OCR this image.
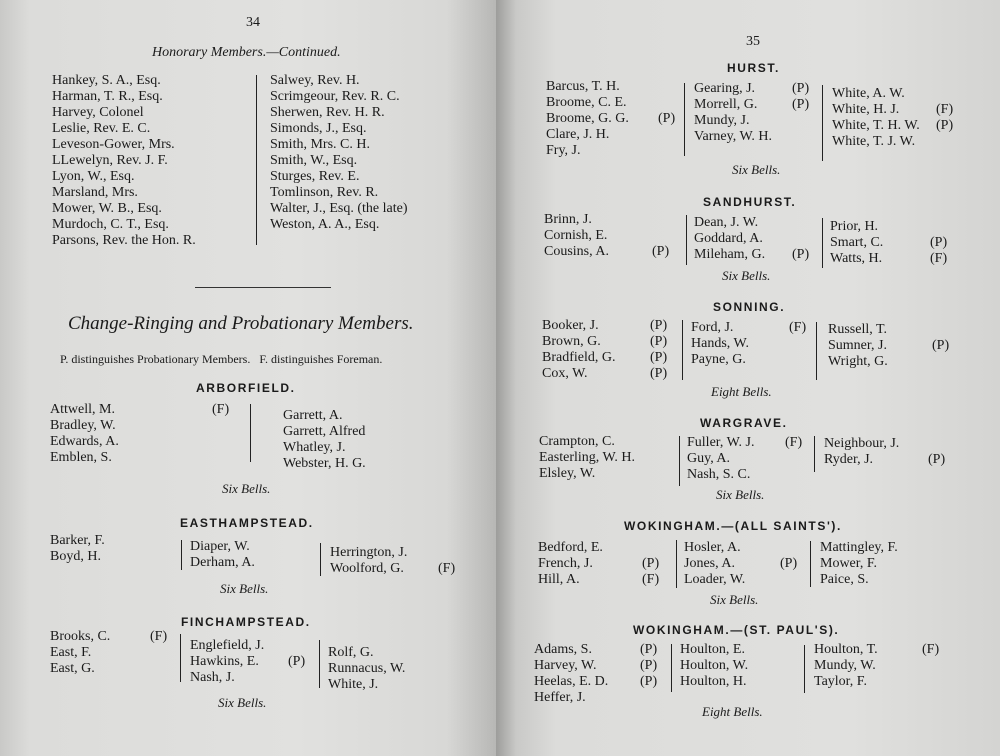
34
Honorary Members.—Continued.
Hankey, S. A., Esq.
Harman, T. R., Esq.
Harvey, Colonel
Leslie, Rev. E. C.
Leveson-Gower, Mrs.
LLewelyn, Rev. J. F.
Lyon, W., Esq.
Marsland, Mrs.
Mower, W. B., Esq.
Murdoch, C. T., Esq.
Parsons, Rev. the Hon. R.
Salwey, Rev. H.
Scrimgeour, Rev. R. C.
Sherwen, Rev. H. R.
Simonds, J., Esq.
Smith, Mrs. C. H.
Smith, W., Esq.
Sturges, Rev. E.
Tomlinson, Rev. R.
Walter, J., Esq. (the late)
Weston, A. A., Esq.
Change-Ringing and Probationary Members.
P. distinguishes Probationary Members.   F. distinguishes Foreman.
ARBORFIELD.
Attwell, M.	(F)
Bradley, W.
Edwards, A.
Emblen, S.
Garrett, A.
Garrett, Alfred
Whatley, J.
Webster, H. G.
Six Bells.
EASTHAMPSTEAD.
Barker, F.
Boyd, H.
Diaper, W.
Derham, A.
Herrington, J.
Woolford, G. (F)
Six Bells.
FINCHAMPSTEAD.
Brooks, C.	(F)
East, F.
East, G.
Englefield, J.
Hawkins, E. (P)
Nash, J.
Rolf, G.
Runnacus, W.
White, J.
Six Bells.
35
HURST.
Barcus, T. H.
Broome, C. E.
Broome, G. G. (P)
Clare, J. H.
Fry, J.
Gearing, J.	(P)
Morrell, G. (P)
Mundy, J.
Varney, W. H.
White, A. W.
White, H. J.	(F)
White, T. H. W. (P)
White, T. J. W.
Six Bells.
SANDHURST.
Brinn, J.
Cornish, E.
Cousins, A.	(P)
Dean, J. W.
Goddard, A.
Mileham, G. (P)
Prior, H.
Smart, C.	(P)
Watts, H.	(F)
Six Bells.
SONNING.
Booker, J.	(P)
Brown, G.	(P)
Bradfield, G. (P)
Cox, W.	(P)
Ford, J.	(F)
Hands, W.
Payne, G.
Russell, T.
Sumner, J.	(P)
Wright, G.
Eight Bells.
WARGRAVE.
Crampton, C.
Easterling, W. H.
Elsley, W.
Fuller, W. J. (F)
Guy, A.
Nash, S. C.
Neighbour, J.
Ryder, J.	(P)
Six Bells.
WOKINGHAM.—(ALL SAINTS').
Bedford, E.
French, J.	(P)
Hill, A.	(F)
Hosler, A.
Jones, A.	(P)
Loader, W.
Mattingley, F.
Mower, F.
Paice, S.
Six Bells.
WOKINGHAM.—(ST. PAUL'S).
Adams, S.	(P)
Harvey, W.	(P)
Heelas, E. D. (P)
Heffer, J.
Houlton, E.
Houlton, W.
Houlton, H.
Houlton, T.	(F)
Mundy, W.
Taylor, F.
Eight Bells.
